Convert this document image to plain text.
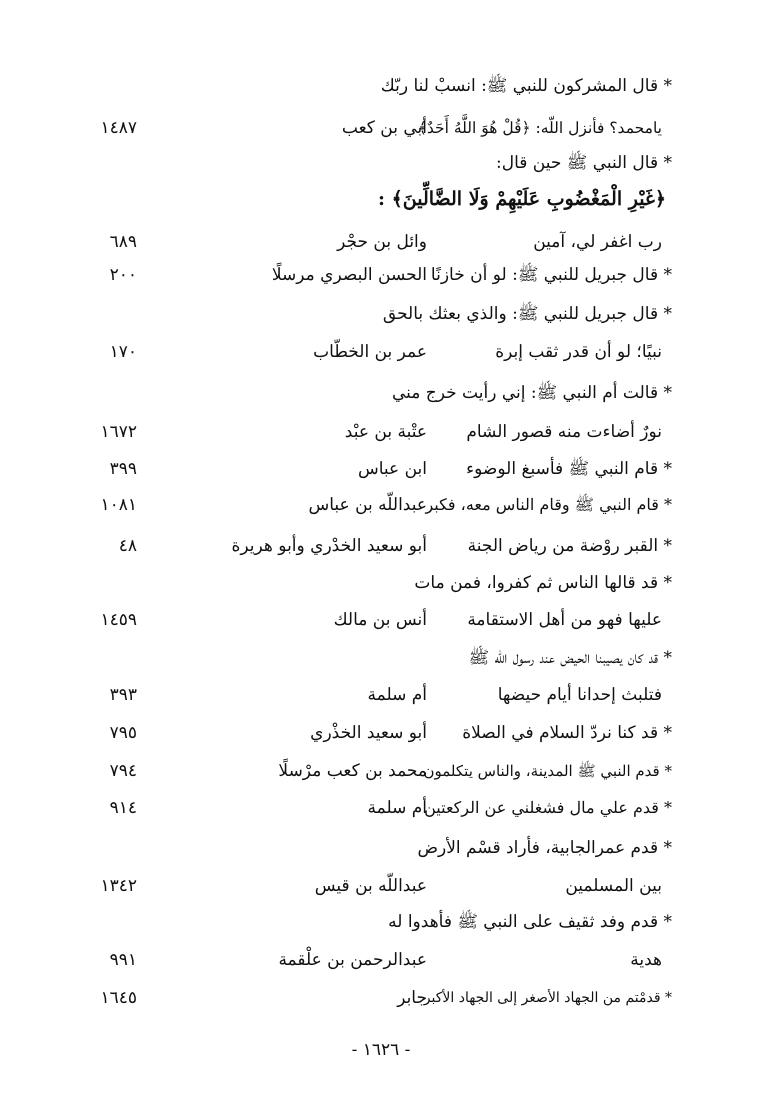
* قال المشركون للنبي ﷺ: انسبْ لنا ربّك
يامحمد؟ فأنزل اللّه: ﴿قُلْ هُوَ اللَّهُ أَحَدٌ﴾
أبي بن كعب
١٤٨٧
* قال النبي ﷺ حين قال:
﴿غَيْرِ الْمَغْضُوبِ عَلَيْهِمْ وَلَا الضَّالِّينَ﴾ :
رب اغفر لي، آمين
وائل بن حجْر
٦٨٩
* قال جبريل للنبي ﷺ: لو أن خازنًا
الحسن البصري مرسلًا
٢٠٠
* قال جبريل للنبي ﷺ: والذي بعثك بالحق
نبيًا؛ لو أن قدر ثقب إبرة
عمر بن الخطّاب
١٧٠
* قالت أم النبي ﷺ: إني رأيت خرج مني
نورٌ أضاءت منه قصور الشام
عتْبة بن عبْد
١٦٧٢
* قام النبي ﷺ فأسبغ الوضوء
ابن عباس
٣٩٩
* قام النبي ﷺ وقام الناس معه، فكبر
عبداللّه بن عباس
١٠٨١
* القبر روْضة من رياض الجنة
أبو سعيد الخدْري وأبو هريرة
٤٨
* قد قالها الناس ثم كفروا، فمن مات
عليها فهو من أهل الاستقامة
أنس بن مالك
١٤٥٩
* قد كان يصيبنا الحيض عند رسول اللّه ﷺ
فتلبث إحدانا أيام حيضها
أم سلمة
٣٩٣
* قد كنا نردّ السلام في الصلاة
أبو سعيد الخذْري
٧٩٥
* قدم النبي ﷺ المدينة، والناس يتكلمون
محمد بن كعب مرْسلًا
٧٩٤
* قدم علي مال فشغلني عن الركعتين
أم سلمة
٩١٤
* قدم عمرالجابية، فأراد قسْم الأرض
بين المسلمين
عبداللّه بن قيس
١٣٤٢
* قدم وفد ثقيف على النبي ﷺ فأهدوا له
هدية
عبدالرحمن بن علْقمة
٩٩١
* قدمْتم من الجهاد الأصغر إلى الجهاد الأكبر
جابر
١٦٤٥
- ١٦٢٦ -
